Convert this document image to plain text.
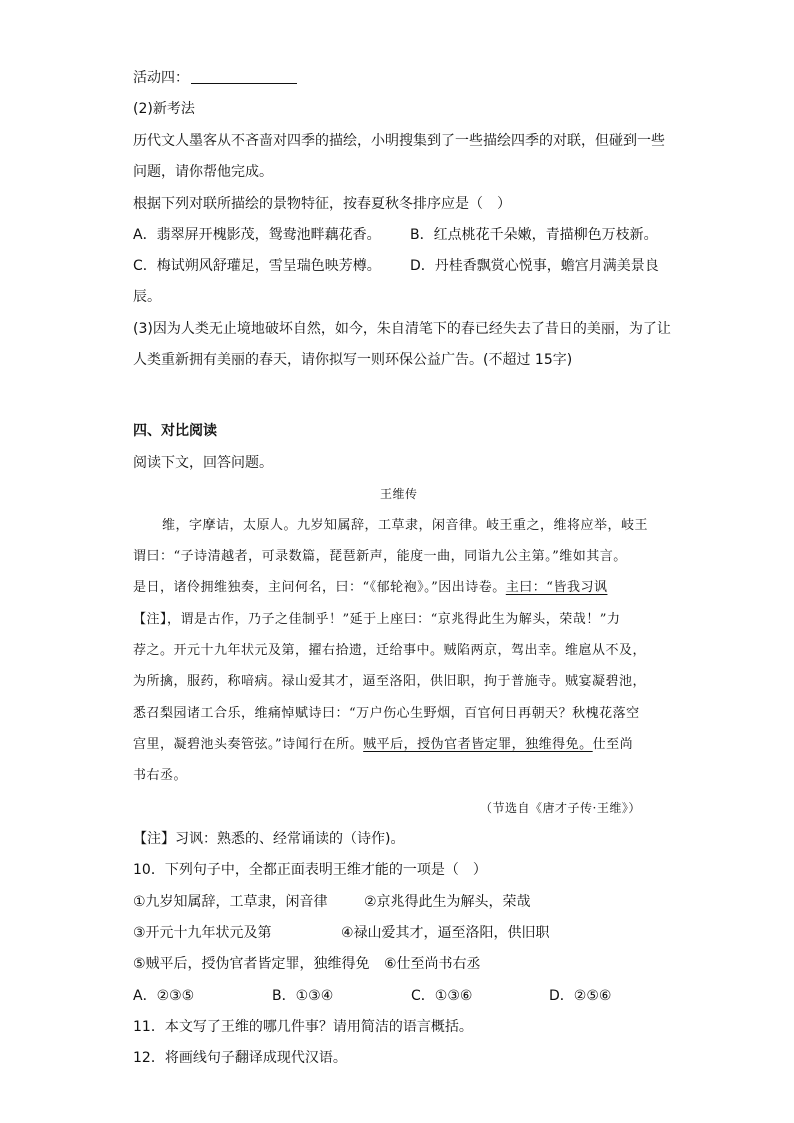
活动四：
(2)新考法
历代文人墨客从不吝啬对四季的描绘，小明搜集到了一些描绘四季的对联，但碰到一些
问题，请你帮他完成。
根据下列对联所描绘的景物特征，按春夏秋冬排序应是（　）
A．翡翠屏开槐影茂，鸳鸯池畔藕花香。 B．红点桃花千朵嫩，青描柳色万枝新。
C．梅试朔风舒瓘足，雪呈瑞色映芳樽。 D．丹桂香飘赏心悦事，蟾宫月满美景良
辰。
(3)因为人类无止境地破坏自然，如今，朱自清笔下的春已经失去了昔日的美丽，为了让
人类重新拥有美丽的春天，请你拟写一则环保公益广告。(不超过 15字)
四、对比阅读
阅读下文，回答问题。
王维传
维，字摩诘，太原人。九岁知属辞，工草隶，闲音律。岐王重之，维将应举，岐王
谓曰：“子诗清越者，可录数篇，琵琶新声，能度一曲，同诣九公主第。”维如其言。
是日，诸伶拥维独奏，主问何名，曰：“《郁轮袍》。”因出诗卷。主曰：“皆我习讽
【注】，谓是古作，乃子之佳制乎！”延于上座曰：“京兆得此生为解头，荣哉！”力
荐之。开元十九年状元及第，擢右拾遗，迁给事中。贼陷两京，驾出幸。维扈从不及，
为所擒，服药，称喑病。禄山爱其才，逼至洛阳，供旧职，拘于普施寺。贼宴凝碧池，
悉召梨园诸工合乐，维痛悼赋诗曰：“万户伤心生野烟，百官何日再朝天？秋槐花落空
宫里，凝碧池头奏管弦。”诗闻行在所。贼平后，授伪官者皆定罪，独维得免。仕至尚
书右丞。
（节选自《唐才子传·王维》）
【注】习讽：熟悉的、经常诵读的（诗作)。
10．下列句子中，全都正面表明王维才能的一项是（　）
①九岁知属辞，工草隶，闲音律	②京兆得此生为解头，荣哉
③开元十九年状元及第	④禄山爱其才，逼至洛阳，供旧职
⑤贼平后，授伪官者皆定罪，独维得免 ⑥仕至尚书右丞
A．②③⑤	B．①③④	C．①③⑥	D．②⑤⑥
11．本文写了王维的哪几件事？请用简洁的语言概括。
12．将画线句子翻译成现代汉语。
